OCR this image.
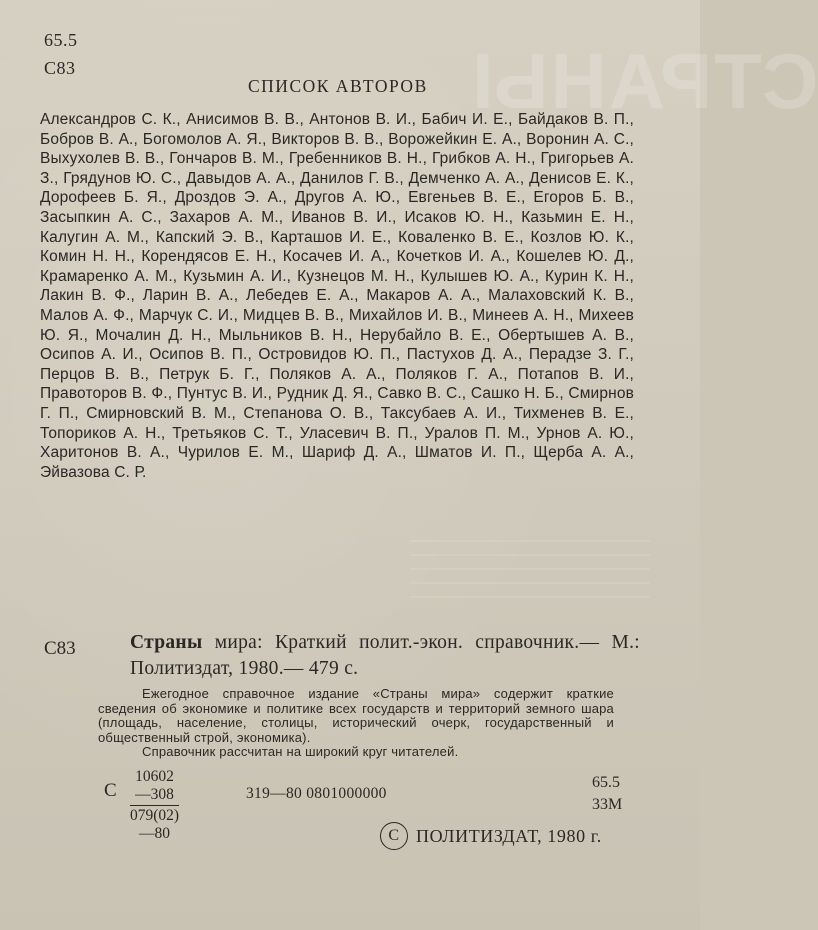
СТРАНЫ
65.5
С83
СПИСОК АВТОРОВ
Александров С. К., Анисимов В. В., Антонов В. И., Бабич И. Е., Байдаков В. П., Бобров В. А., Богомолов А. Я., Викторов В. В., Ворожейкин Е. А., Воронин А. С., Выхухолев В. В., Гончаров В. М., Гребенников В. Н., Грибков А. Н., Григорьев А. З., Грядунов Ю. С., Давыдов А. А., Данилов Г. В., Демченко А. А., Денисов Е. К., Дорофеев Б. Я., Дроздов Э. А., Другов А. Ю., Евгеньев В. Е., Егоров Б. В., Засыпкин А. С., Захаров А. М., Иванов В. И., Исаков Ю. Н., Казьмин Е. Н., Калугин А. М., Капский Э. В., Карташов И. Е., Коваленко В. Е., Козлов Ю. К., Комин Н. Н., Корендясов Е. Н., Косачев И. А., Кочетков И. А., Кошелев Ю. Д., Крамаренко А. М., Кузьмин А. И., Кузнецов М. Н., Кулышев Ю. А., Курин К. Н., Лакин В. Ф., Ларин В. А., Лебедев Е. А., Макаров А. А., Малаховский К. В., Малов А. Ф., Марчук С. И., Мидцев В. В., Михайлов И. В., Минеев А. Н., Михеев Ю. Я., Мочалин Д. Н., Мыльников В. Н., Нерубайло В. Е., Обертышев А. В., Осипов А. И., Осипов В. П., Островидов Ю. П., Пастухов Д. А., Перадзе З. Г., Перцов В. В., Петрук Б. Г., Поляков А. А., Поляков Г. А., Потапов В. И., Правоторов В. Ф., Пунтус В. И., Рудник Д. Я., Савко В. С., Сашко Н. Б., Смирнов Г. П., Смирновский В. М., Степанова О. В., Таксубаев А. И., Тихменев В. Е., Топориков А. Н., Третьяков С. Т., Уласевич В. П., Уралов П. М., Урнов А. Ю., Харитонов В. А., Чурилов Е. М., Шариф Д. А., Шматов И. П., Щерба А. А., Эйвазова С. Р.
С83	Страны мира: Краткий полит.-экон. справочник.— М.: Политиздат, 1980.— 479 с.

Ежегодное справочное издание «Страны мира» содержит краткие сведения об экономике и политике всех государств и территорий земного шара (площадь, население, столицы, исторический очерк, государственный и общественный строй, экономика).

Справочник рассчитан на широкий круг читателей.

С $\frac{10602—308}{079(02)—80}$	319—80 0801000000
65.5
33М
С ПОЛИТИЗДАТ, 1980 г.
